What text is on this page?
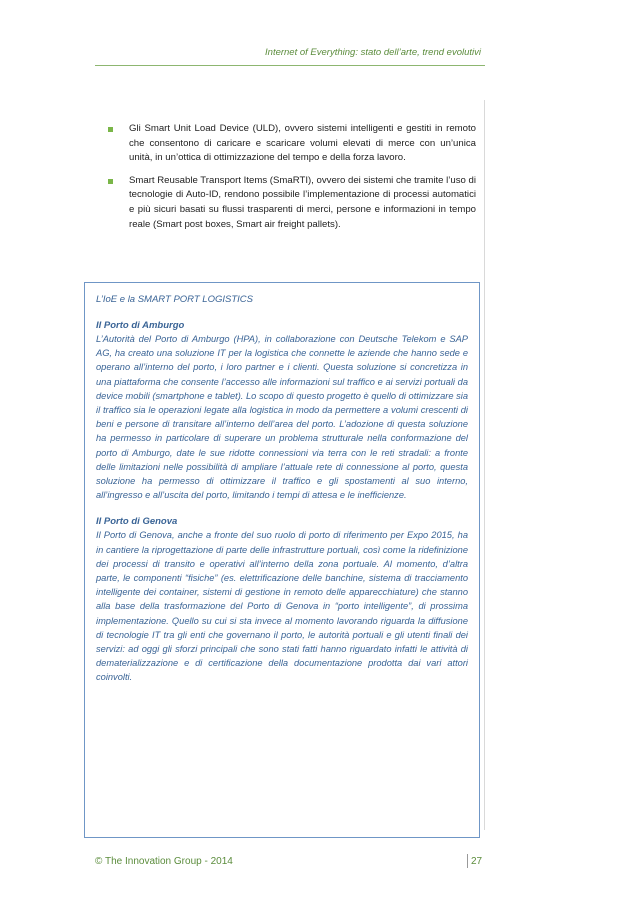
Internet of Everything: stato dell’arte, trend evolutivi
Gli Smart Unit Load Device (ULD), ovvero sistemi intelligenti e gestiti in remoto che consentono di caricare e scaricare volumi elevati di merce con un’unica unità, in un’ottica di ottimizzazione del tempo e della forza lavoro.
Smart Reusable Transport Items (SmaRTI), ovvero dei sistemi che tramite l’uso di tecnologie di Auto-ID, rendono possibile l’implementazione di processi automatici e più sicuri basati su flussi trasparenti di merci, persone e informazioni in tempo reale (Smart post boxes, Smart air freight pallets).
L’IoE e la SMART PORT LOGISTICS
Il Porto di Amburgo
L’Autorità del Porto di Amburgo (HPA), in collaborazione con Deutsche Telekom e SAP AG, ha creato una soluzione IT per la logistica che connette le aziende che hanno sede e operano all’interno del porto, i loro partner e i clienti. Questa soluzione si concretizza in una piattaforma che consente l’accesso alle informazioni sul traffico e ai servizi portuali da device mobili (smartphone e tablet). Lo scopo di questo progetto è quello di ottimizzare sia il traffico sia le operazioni legate alla logistica in modo da permettere a volumi crescenti di beni e persone di transitare all’interno dell’area del porto. L’adozione di questa soluzione ha permesso in particolare di superare un problema strutturale nella conformazione del porto di Amburgo, date le sue ridotte connessioni via terra con le reti stradali: a fronte delle limitazioni nelle possibilità di ampliare l’attuale rete di connessione al porto, questa soluzione ha permesso di ottimizzare il traffico e gli spostamenti al suo interno, all’ingresso e all’uscita del porto, limitando i tempi di attesa e le inefficienze.
Il Porto di Genova
Il Porto di Genova, anche a fronte del suo ruolo di porto di riferimento per Expo 2015, ha in cantiere la riprogettazione di parte delle infrastrutture portuali, così come la ridefinizione dei processi di transito e operativi all’interno della zona portuale. Al momento, d’altra parte, le componenti “fisiche” (es. elettrificazione delle banchine, sistema di tracciamento intelligente dei container, sistemi di gestione in remoto delle apparecchiature) che stanno alla base della trasformazione del Porto di Genova in “porto intelligente”, di prossima implementazione. Quello su cui si sta invece al momento lavorando riguarda la diffusione di tecnologie IT tra gli enti che governano il porto, le autorità portuali e gli utenti finali dei servizi: ad oggi gli sforzi principali che sono stati fatti hanno riguardato infatti le attività di dematerializzazione e di certificazione della documentazione prodotta dai vari attori coinvolti.
© The Innovation Group - 2014	27
